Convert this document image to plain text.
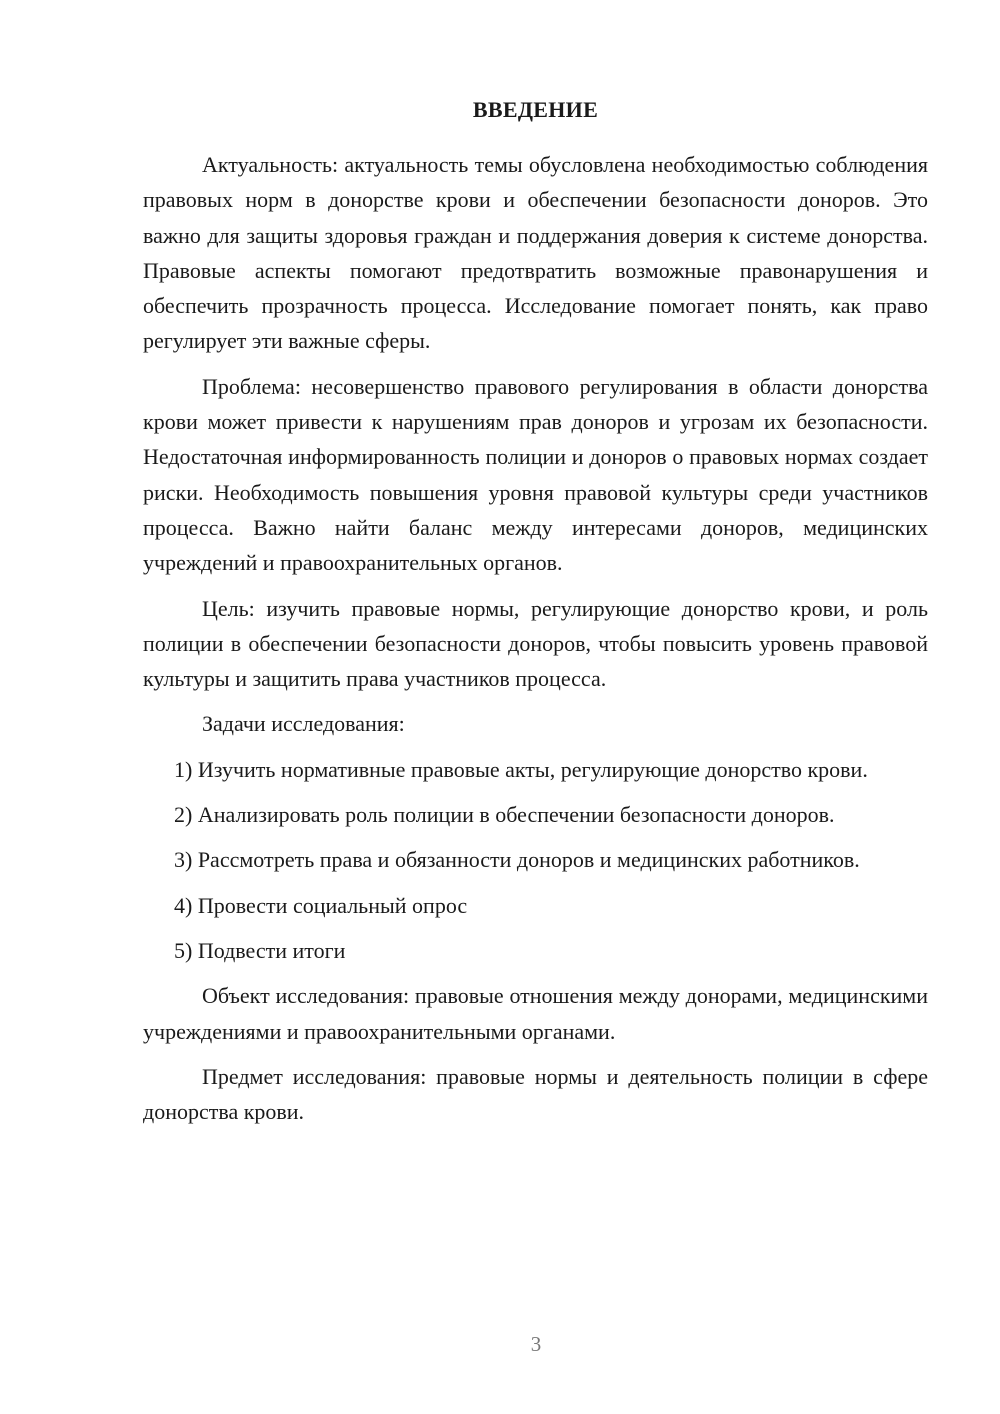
ВВЕДЕНИЕ

Актуальность: актуальность темы обусловлена необходимостью соблюдения правовых норм в донорстве крови и обеспечении безопасности доноров. Это важно для защиты здоровья граждан и поддержания доверия к системе донорства. Правовые аспекты помогают предотвратить возможные правонарушения и обеспечить прозрачность процесса. Исследование помогает понять, как право регулирует эти важные сферы.

Проблема: несовершенство правового регулирования в области донорства крови может привести к нарушениям прав доноров и угрозам их безопасности. Недостаточная информированность полиции и доноров о правовых нормах создает риски. Необходимость повышения уровня правовой культуры среди участников процесса. Важно найти баланс между интересами доноров, медицинских учреждений и правоохранительных органов.

Цель: изучить правовые нормы, регулирующие донорство крови, и роль полиции в обеспечении безопасности доноров, чтобы повысить уровень правовой культуры и защитить права участников процесса.

Задачи исследования:

1) Изучить нормативные правовые акты, регулирующие донорство крови.

2) Анализировать роль полиции в обеспечении безопасности доноров.

3) Рассмотреть права и обязанности доноров и медицинских работников.

4) Провести социальный опрос

5) Подвести итоги

Объект исследования: правовые отношения между донорами, медицинскими учреждениями и правоохранительными органами.

Предмет исследования: правовые нормы и деятельность полиции в сфере донорства крови.

3
